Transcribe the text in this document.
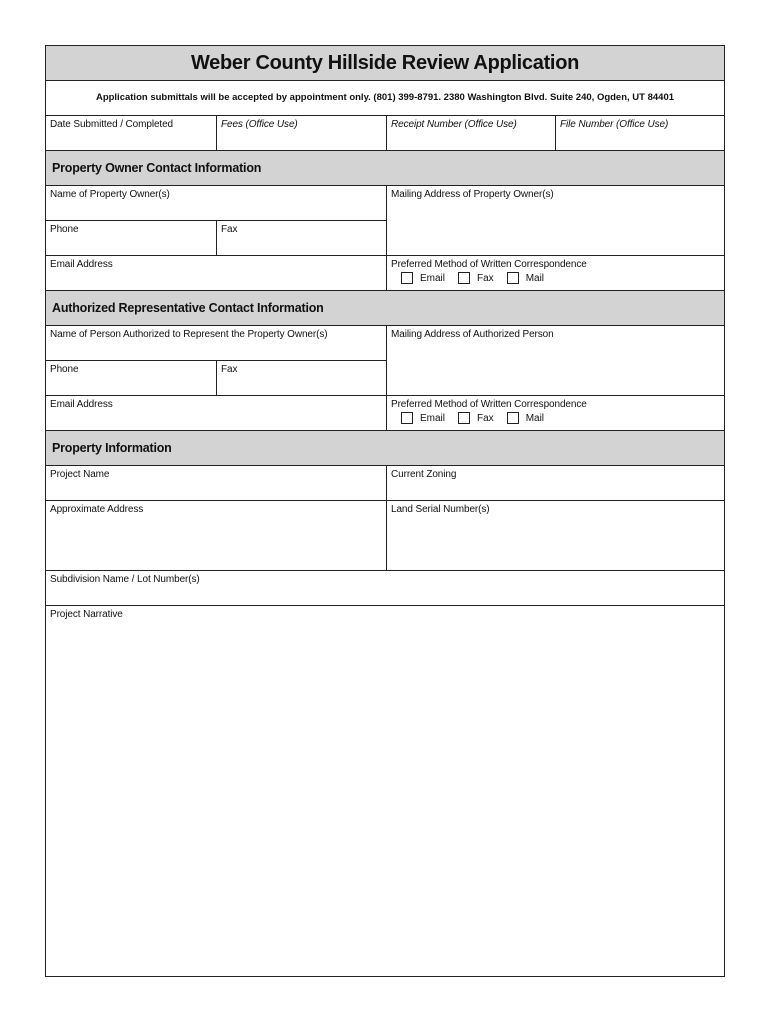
Weber County Hillside Review Application
Application submittals will be accepted by appointment only. (801) 399-8791. 2380 Washington Blvd. Suite 240, Ogden, UT 84401
Date Submitted / Completed	Fees (Office Use)	Receipt Number (Office Use)	File Number (Office Use)
Property Owner Contact Information
Name of Property Owner(s)	Mailing Address of Property Owner(s)
Phone	Fax
Email Address	Preferred Method of Written Correspondence
Email	Fax	Mail
Authorized Representative Contact Information
Name of Person Authorized to Represent the Property Owner(s)	Mailing Address of Authorized Person
Phone	Fax
Email Address	Preferred Method of Written Correspondence
Email	Fax	Mail
Property Information
Project Name	Current Zoning
Approximate Address	Land Serial Number(s)
Subdivision Name / Lot Number(s)
Project Narrative
